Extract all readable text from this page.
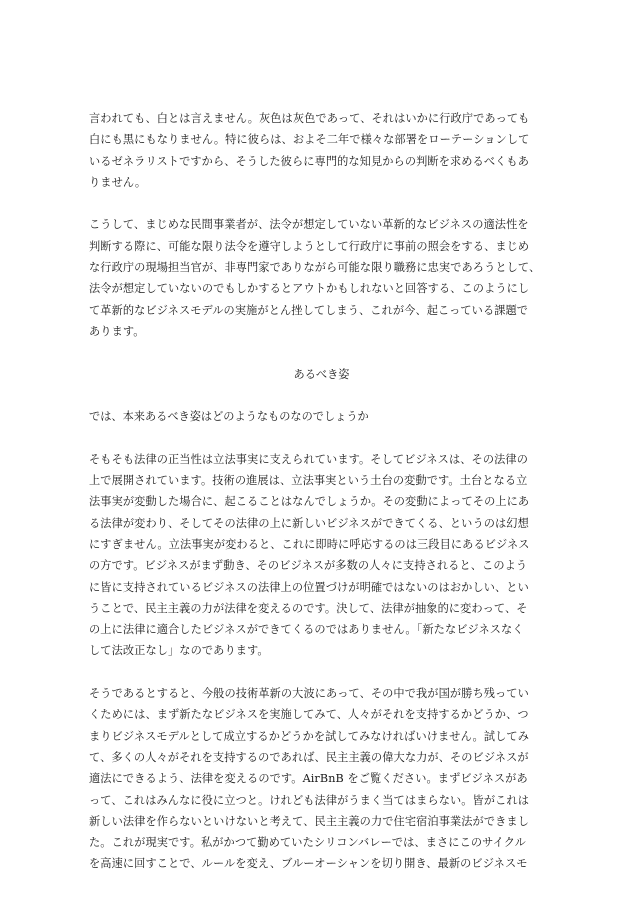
言われても、白とは言えません。灰色は灰色であって、それはいかに行政庁であっても

白にも黒にもなりません。特に彼らは、およそ二年で様々な部署をローテーションして

いるゼネラリストですから、そうした彼らに専門的な知見からの判断を求めるべくもあ

りません。

こうして、まじめな民間事業者が、法令が想定していない革新的なビジネスの適法性を

判断する際に、可能な限り法令を遵守しようとして行政庁に事前の照会をする、まじめ

な行政庁の現場担当官が、非専門家でありながら可能な限り職務に忠実であろうとして、

法令が想定していないのでもしかするとアウトかもしれないと回答する、このようにし

て革新的なビジネスモデルの実施がとん挫してしまう、これが今、起こっている課題で

あります。

あるべき姿

では、本来あるべき姿はどのようなものなのでしょうか

そもそも法律の正当性は立法事実に支えられています。そしてビジネスは、その法律の

上で展開されています。技術の進展は、立法事実という土台の変動です。土台となる立

法事実が変動した場合に、起こることはなんでしょうか。その変動によってその上にあ

る法律が変わり、そしてその法律の上に新しいビジネスができてくる、というのは幻想

にすぎません。立法事実が変わると、これに即時に呼応するのは三段目にあるビジネス

の方です。ビジネスがまず動き、そのビジネスが多数の人々に支持されると、このよう

に皆に支持されているビジネスの法律上の位置づけが明確ではないのはおかしい、とい

うことで、民主主義の力が法律を変えるのです。決して、法律が抽象的に変わって、そ

の上に法律に適合したビジネスができてくるのではありません。「新たなビジネスなく

して法改正なし」なのであります。

そうであるとすると、今般の技術革新の大波にあって、その中で我が国が勝ち残ってい

くためには、まず新たなビジネスを実施してみて、人々がそれを支持するかどうか、つ

まりビジネスモデルとして成立するかどうかを試してみなければいけません。試してみ

て、多くの人々がそれを支持するのであれば、民主主義の偉大な力が、そのビジネスが

適法にできるよう、法律を変えるのです。AirBnB をご覧ください。まずビジネスがあ

って、これはみんなに役に立つと。けれども法律がうまく当てはまらない。皆がこれは

新しい法律を作らないといけないと考えて、民主主義の力で住宅宿泊事業法ができまし

た。これが現実です。私がかつて勤めていたシリコンバレーでは、まさにこのサイクル

を高速に回すことで、ルールを変え、ブルーオーシャンを切り開き、最新のビジネスモ
